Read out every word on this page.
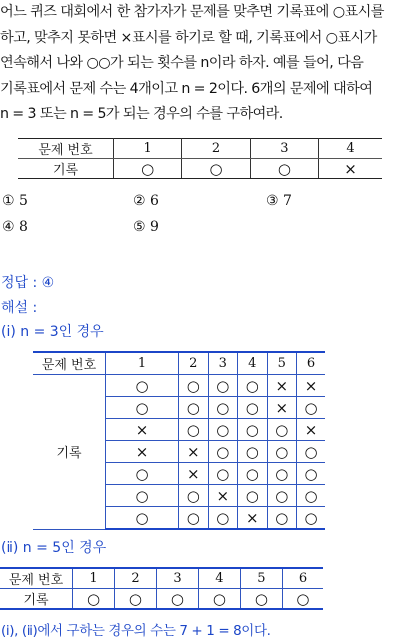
어느 퀴즈 대회에서 한 참가자가 문제를 맞추면 기록표에 ○표시를
하고, 맞추지 못하면 ×표시를 하기로 할 때, 기록표에서 ○표시가
연속해서 나와 ○○가 되는 횟수를 n이라 하자. 예를 들어, 다음
기록표에서 문제 수는 4개이고 n = 2이다. 6개의 문제에 대하여
n = 3 또는 n = 5가 되는 경우의 수를 구하여라.
문제 번호	1	2	3	4
기록	○	○	○	×
① 5	② 6	③ 7
④ 8	⑤ 9
정답 : ④
해설 :
(ⅰ) n = 3인 경우
문제 번호	1	2	3	4	5	6
기록	○	○	○	○	×	×
	○	○	○	○	×	○
	×	○	○	○	○	×
	×	×	○	○	○	○
	○	×	○	○	○	○
	○	○	×	○	○	○
	○	○	○	×	○	○
(ⅱ) n = 5인 경우
문제 번호	1	2	3	4	5	6
기록	○	○	○	○	○	○
(ⅰ), (ⅱ)에서 구하는 경우의 수는 7 + 1 = 8이다.
